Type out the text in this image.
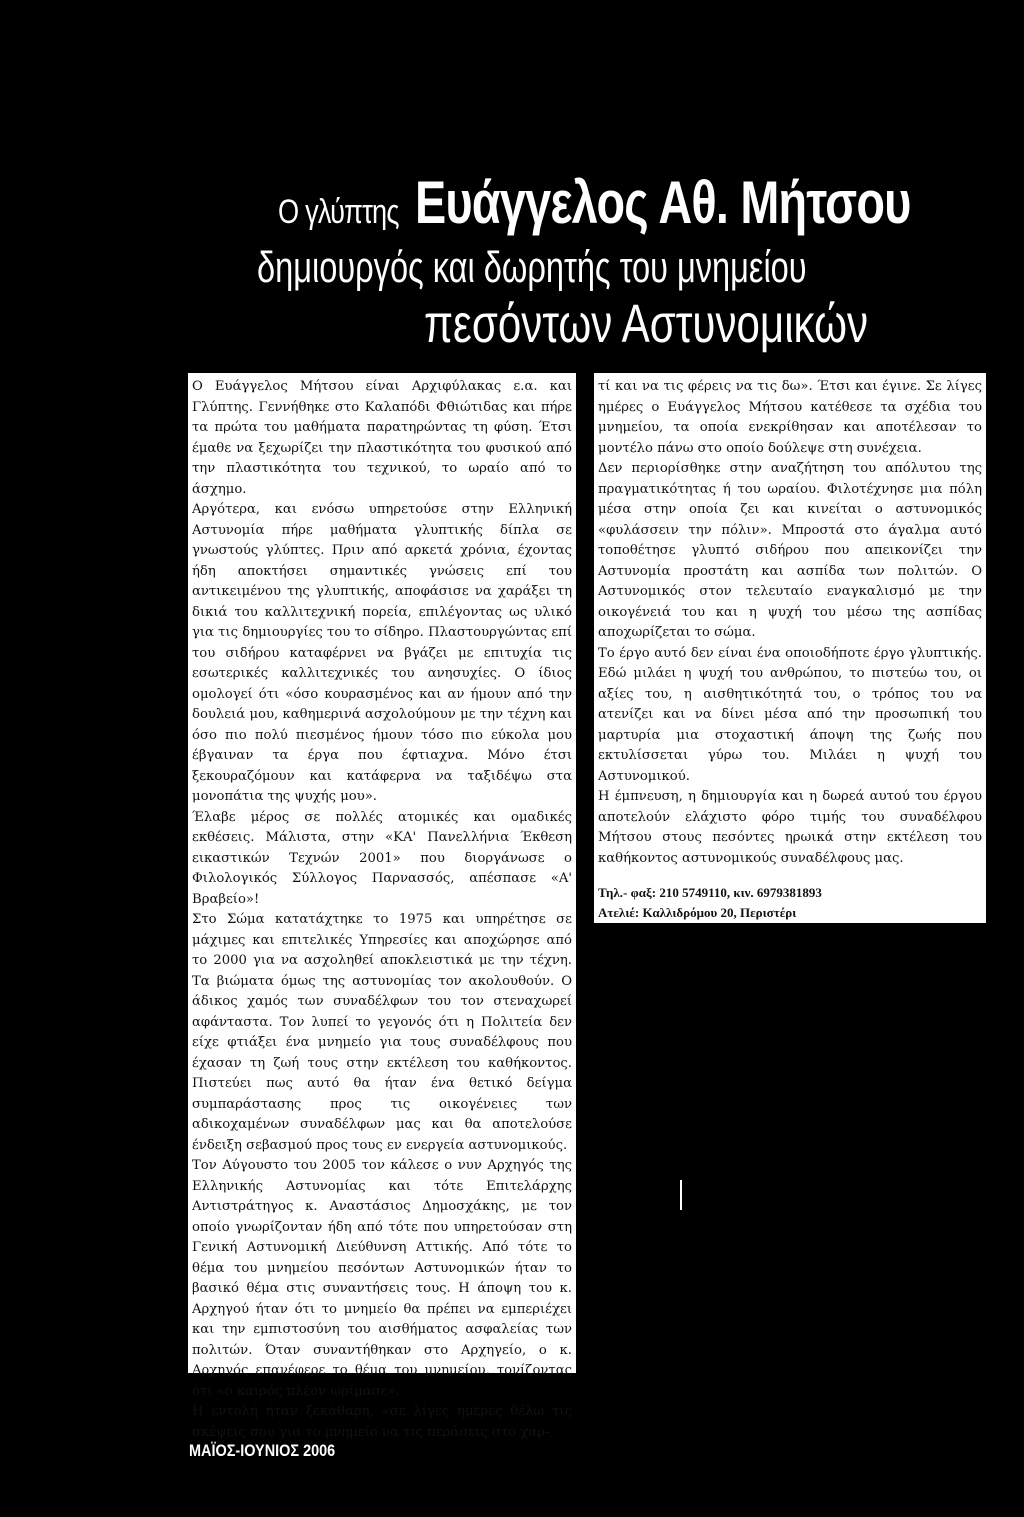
Ο γλύπτης Ευάγγελος Αθ. Μήτσου
δημιουργός και δωρητής του μνημείου
πεσόντων Αστυνομικών

Ο Ευάγγελος Μήτσου είναι Αρχιφύλακας ε.α. και Γλύπτης. Γεννήθηκε στο Καλαπόδι Φθιώτιδας και πήρε τα πρώτα του μαθήματα παρατηρώντας τη φύση. Έτσι έμαθε να ξεχωρίζει την πλαστικότητα του φυσικού από την πλαστικότητα του τεχνικού, το ωραίο από το άσχημο.

Αργότερα, και ενόσω υπηρετούσε στην Ελληνική Αστυνομία πήρε μαθήματα γλυπτικής δίπλα σε γνωστούς γλύπτες. Πριν από αρκετά χρόνια, έχοντας ήδη αποκτήσει σημαντικές γνώσεις επί του αντικειμένου της γλυπτικής, αποφάσισε να χαράξει τη δικιά του καλλιτεχνική πορεία, επιλέγοντας ως υλικό για τις δημιουργίες του το σίδηρο. Πλαστουργώντας επί του σιδήρου καταφέρνει να βγάζει με επιτυχία τις εσωτερικές καλλιτεχνικές του ανησυχίες. Ο ίδιος ομολογεί ότι «όσο κουρασμένος και αν ήμουν από την δουλειά μου, καθημερινά ασχολούμουν με την τέχνη και όσο πιο πολύ πιεσμένος ήμουν τόσο πιο εύκολα μου έβγαιναν τα έργα που έφτιαχνα. Μόνο έτσι ξεκουραζόμουν και κατάφερνα να ταξιδέψω στα μονοπάτια της ψυχής μου».

Έλαβε μέρος σε πολλές ατομικές και ομαδικές εκθέσεις. Μάλιστα, στην «ΚΑ' Πανελλήνια Έκθεση εικαστικών Τεχνών 2001» που διοργάνωσε ο Φιλολογικός Σύλλογος Παρνασσός, απέσπασε «Α' Βραβείο»!

Στο Σώμα κατατάχτηκε το 1975 και υπηρέτησε σε μάχιμες και επιτελικές Υπηρεσίες και αποχώρησε από το 2000 για να ασχοληθεί αποκλειστικά με την τέχνη. Τα βιώματα όμως της αστυνομίας τον ακολουθούν. Ο άδικος χαμός των συναδέλφων του τον στεναχωρεί αφάνταστα. Τον λυπεί το γεγονός ότι η Πολιτεία δεν είχε φτιάξει ένα μνημείο για τους συναδέλφους που έχασαν τη ζωή τους στην εκτέλεση του καθήκοντος. Πιστεύει πως αυτό θα ήταν ένα θετικό δείγμα συμπαράστασης προς τις οικογένειες των αδικοχαμένων συναδέλφων μας και θα αποτελούσε ένδειξη σεβασμού προς τους εν ενεργεία αστυνομικούς.

Τον Αύγουστο του 2005 τον κάλεσε ο νυν Αρχηγός της Ελληνικής Αστυνομίας και τότε Επιτελάρχης Αντιστράτηγος κ. Αναστάσιος Δημοσχάκης, με τον οποίο γνωρίζονταν ήδη από τότε που υπηρετούσαν στη Γενική Αστυνομική Διεύθυνση Αττικής. Από τότε το θέμα του μνημείου πεσόντων Αστυνομικών ήταν το βασικό θέμα στις συναντήσεις τους. Η άποψη του κ. Αρχηγού ήταν ότι το μνημείο θα πρέπει να εμπεριέχει και την εμπιστοσύνη του αισθήματος ασφαλείας των πολιτών. Όταν συναντήθηκαν στο Αρχηγείο, ο κ. Αρχηγός επανέφερε το θέμα του μνημείου, τονίζοντας ότι «ο καιρός πλέον ωρίμασε».

Η εντολή ήταν ξεκάθαρη, «σε λίγες ημέρες θέλω τις σκέψεις σου για το μνημείο να τις περάσεις στο χαρ-

τί και να τις φέρεις να τις δω». Έτσι και έγινε. Σε λίγες ημέρες ο Ευάγγελος Μήτσου κατέθεσε τα σχέδια του μνημείου, τα οποία ενεκρίθησαν και αποτέλεσαν το μοντέλο πάνω στο οποίο δούλεψε στη συνέχεια.

Δεν περιορίσθηκε στην αναζήτηση του απόλυτου της πραγματικότητας ή του ωραίου. Φιλοτέχνησε μια πόλη μέσα στην οποία ζει και κινείται ο αστυνομικός «φυλάσσειν την πόλιν». Μπροστά στο άγαλμα αυτό τοποθέτησε γλυπτό σιδήρου που απεικονίζει την Αστυνομία προστάτη και ασπίδα των πολιτών. Ο Αστυνομικός στον τελευταίο εναγκαλισμό με την οικογένειά του και η ψυχή του μέσω της ασπίδας αποχωρίζεται το σώμα.

Το έργο αυτό δεν είναι ένα οποιοδήποτε έργο γλυπτικής. Εδώ μιλάει η ψυχή του ανθρώπου, το πιστεύω του, οι αξίες του, η αισθητικότητά του, ο τρόπος του να ατενίζει και να δίνει μέσα από την προσωπική του μαρτυρία μια στοχαστική άποψη της ζωής που εκτυλίσσεται γύρω του. Μιλάει η ψυχή του Αστυνομικού.

Η έμπνευση, η δημιουργία και η δωρεά αυτού του έργου αποτελούν ελάχιστο φόρο τιμής του συναδέλφου Μήτσου στους πεσόντες ηρωικά στην εκτέλεση του καθήκοντος αστυνομικούς συναδέλφους μας.

Τηλ.- φαξ: 210 5749110, κιν. 6979381893

Ατελιέ: Καλλιδρόμου 20, Περιστέρι

ΜΑΪΟΣ-ΙΟΥΝΙΟΣ 2006
